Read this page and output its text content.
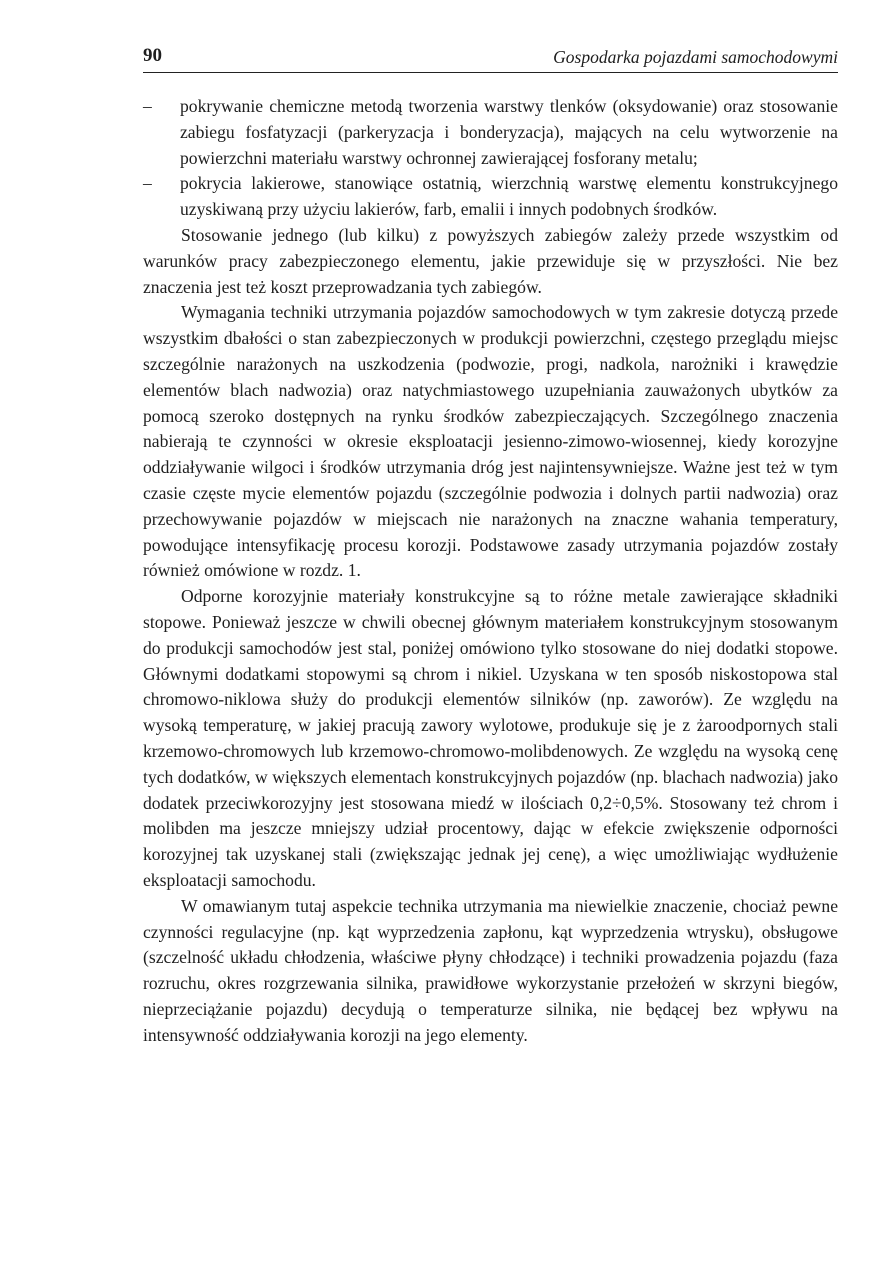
90	Gospodarka pojazdami samochodowymi
– pokrywanie chemiczne metodą tworzenia warstwy tlenków (oksydowanie) oraz stosowanie zabiegu fosfatyzacji (parkeryzacja i bonderyzacja), mających na celu wytworzenie na powierzchni materiału warstwy ochronnej zawierającej fosforany metalu;
– pokrycia lakierowe, stanowiące ostatnią, wierzchnią warstwę elementu konstrukcyjnego uzyskiwaną przy użyciu lakierów, farb, emalii i innych podobnych środków.

Stosowanie jednego (lub kilku) z powyższych zabiegów zależy przede wszystkim od warunków pracy zabezpieczonego elementu, jakie przewiduje się w przyszłości. Nie bez znaczenia jest też koszt przeprowadzania tych zabiegów.

Wymagania techniki utrzymania pojazdów samochodowych w tym zakresie dotyczą przede wszystkim dbałości o stan zabezpieczonych w produkcji powierzchni, częstego przeglądu miejsc szczególnie narażonych na uszkodzenia (podwozie, progi, nadkola, narożniki i krawędzie elementów blach nadwozia) oraz natychmiastowego uzupełniania zauważonych ubytków za pomocą szeroko dostępnych na rynku środków zabezpieczających. Szczególnego znaczenia nabierają te czynności w okresie eksploatacji jesienno-zimowo-wiosennej, kiedy korozyjne oddziaływanie wilgoci i środków utrzymania dróg jest najintensywniejsze. Ważne jest też w tym czasie częste mycie elementów pojazdu (szczególnie podwozia i dolnych partii nadwozia) oraz przechowywanie pojazdów w miejscach nie narażonych na znaczne wahania temperatury, powodujące intensyfikację procesu korozji. Podstawowe zasady utrzymania pojazdów zostały również omówione w rozdz. 1.

Odporne korozyjnie materiały konstrukcyjne są to różne metale zawierające składniki stopowe. Ponieważ jeszcze w chwili obecnej głównym materiałem konstrukcyjnym stosowanym do produkcji samochodów jest stal, poniżej omówiono tylko stosowane do niej dodatki stopowe. Głównymi dodatkami stopowymi są chrom i nikiel. Uzyskana w ten sposób niskostopowa stal chromowo-niklowa służy do produkcji elementów silników (np. zaworów). Ze względu na wysoką temperaturę, w jakiej pracują zawory wylotowe, produkuje się je z żaroodpornych stali krzemowo-chromowych lub krzemowo-chromowo-molibdenowych. Ze względu na wysoką cenę tych dodatków, w większych elementach konstrukcyjnych pojazdów (np. blachach nadwozia) jako dodatek przeciwkorozyjny jest stosowana miedź w ilościach 0,2÷0,5%. Stosowany też chrom i molibden ma jeszcze mniejszy udział procentowy, dając w efekcie zwiększenie odporności korozyjnej tak uzyskanej stali (zwiększając jednak jej cenę), a więc umożliwiając wydłużenie eksploatacji samochodu.

W omawianym tutaj aspekcie technika utrzymania ma niewielkie znaczenie, chociaż pewne czynności regulacyjne (np. kąt wyprzedzenia zapłonu, kąt wyprzedzenia wtrysku), obsługowe (szczelność układu chłodzenia, właściwe płyny chłodzące) i techniki prowadzenia pojazdu (faza rozruchu, okres rozgrzewania silnika, prawidłowe wykorzystanie przełożeń w skrzyni biegów, nieprzeciążanie pojazdu) decydują o temperaturze silnika, nie będącej bez wpływu na intensywność oddziaływania korozji na jego elementy.
